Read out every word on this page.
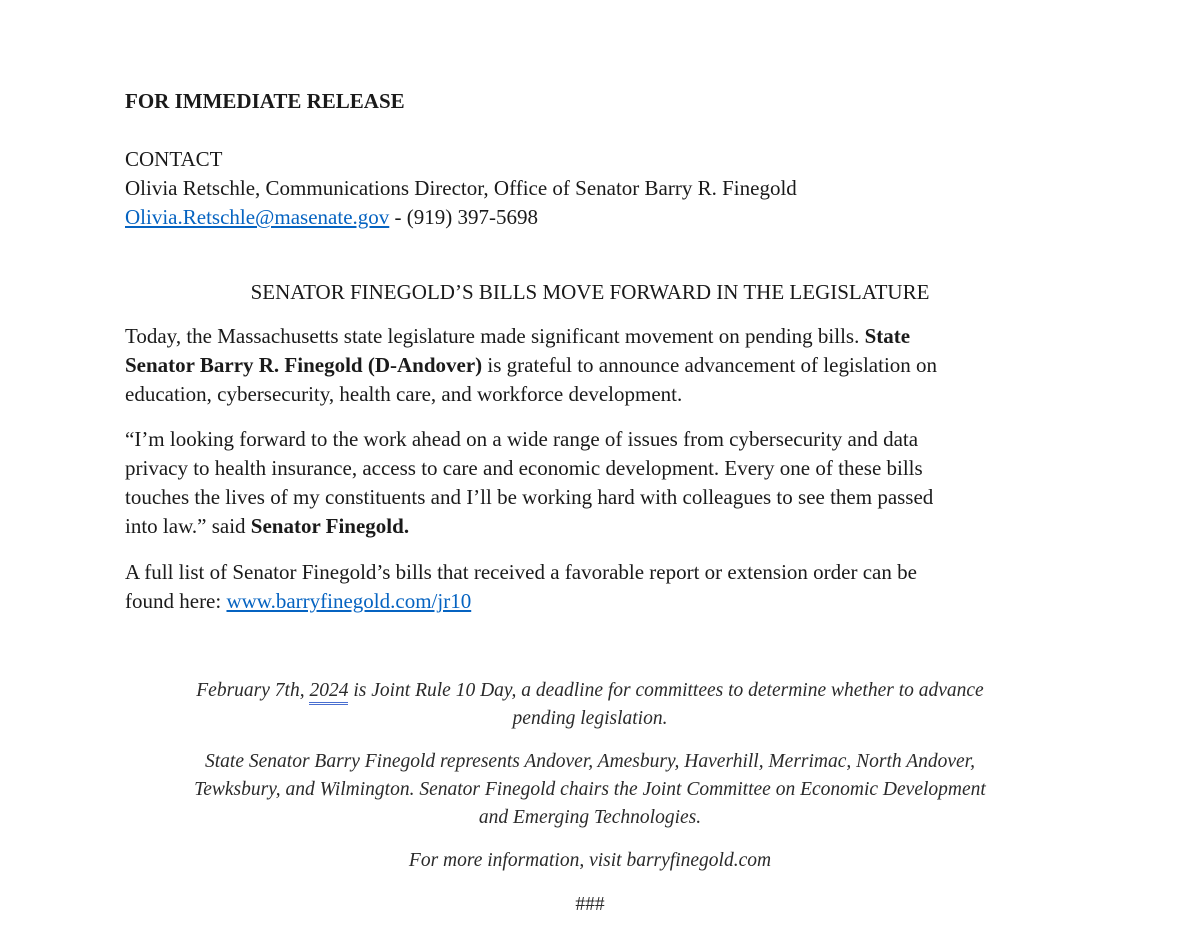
FOR IMMEDIATE RELEASE
CONTACT
Olivia Retschle, Communications Director, Office of Senator Barry R. Finegold
Olivia.Retschle@masenate.gov - (919) 397-5698
SENATOR FINEGOLD’S BILLS MOVE FORWARD IN THE LEGISLATURE
Today, the Massachusetts state legislature made significant movement on pending bills. State
Senator Barry R. Finegold (D-Andover) is grateful to announce advancement of legislation on
education, cybersecurity, health care, and workforce development.
“I’m looking forward to the work ahead on a wide range of issues from cybersecurity and data
privacy to health insurance, access to care and economic development. Every one of these bills
touches the lives of my constituents and I’ll be working hard with colleagues to see them passed
into law.” said Senator Finegold.
A full list of Senator Finegold’s bills that received a favorable report or extension order can be
found here: www.barryfinegold.com/jr10
February 7th, 2024 is Joint Rule 10 Day, a deadline for committees to determine whether to advance
pending legislation.
State Senator Barry Finegold represents Andover, Amesbury, Haverhill, Merrimac, North Andover,
Tewksbury, and Wilmington. Senator Finegold chairs the Joint Committee on Economic Development
and Emerging Technologies.
For more information, visit barryfinegold.com
###
